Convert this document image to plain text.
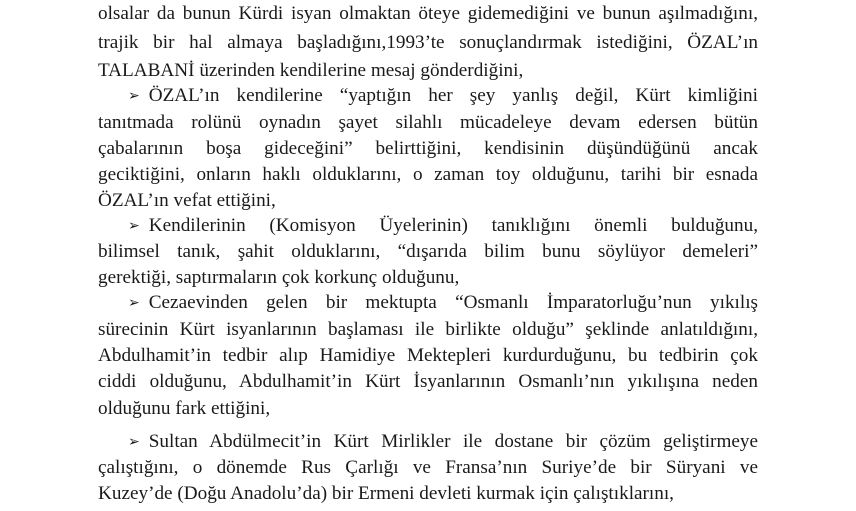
olsalar da bunun Kürdi isyan olmaktan öteye gidemediğini ve bunun aşılmadığını,
trajik bir hal almaya başladığını,1993’te sonuçlandırmak istediğini, ÖZAL’ın
TALABANİ üzerinden kendilerine mesaj gönderdiğini,
➢ ÖZAL’ın kendilerine “yaptığın her şey yanlış değil, Kürt kimliğini
tanıtmada rolünü oynadın şayet silahlı mücadeleye devam edersen bütün
çabalarının boşa gideceğini” belirttiğini, kendisinin düşündüğünü ancak
geciktiğini, onların haklı olduklarını, o zaman toy olduğunu, tarihi bir esnada
ÖZAL’ın vefat ettiğini,
➢ Kendilerinin (Komisyon Üyelerinin) tanıklığını önemli bulduğunu,
bilimsel tanık, şahit olduklarını, “dışarıda bilim bunu söylüyor demeleri”
gerektiği, saptırmaların çok korkunç olduğunu,
➢ Cezaevinden gelen bir mektupta “Osmanlı İmparatorluğu’nun yıkılış
sürecinin Kürt isyanlarının başlaması ile birlikte olduğu” şeklinde anlatıldığını,
Abdulhamit’in tedbir alıp Hamidiye Mektepleri kurdurduğunu, bu tedbirin çok
ciddi olduğunu, Abdulhamit’in Kürt İsyanlarının Osmanlı’nın yıkılışına neden
olduğunu fark ettiğini,
➢ Sultan Abdülmecit’in Kürt Mirlikler ile dostane bir çözüm geliştirmeye
çalıştığını, o dönemde Rus Çarlığı ve Fransa’nın Suriye’de bir Süryani ve
Kuzey’de (Doğu Anadolu’da) bir Ermeni devleti kurmak için çalıştıklarını,
